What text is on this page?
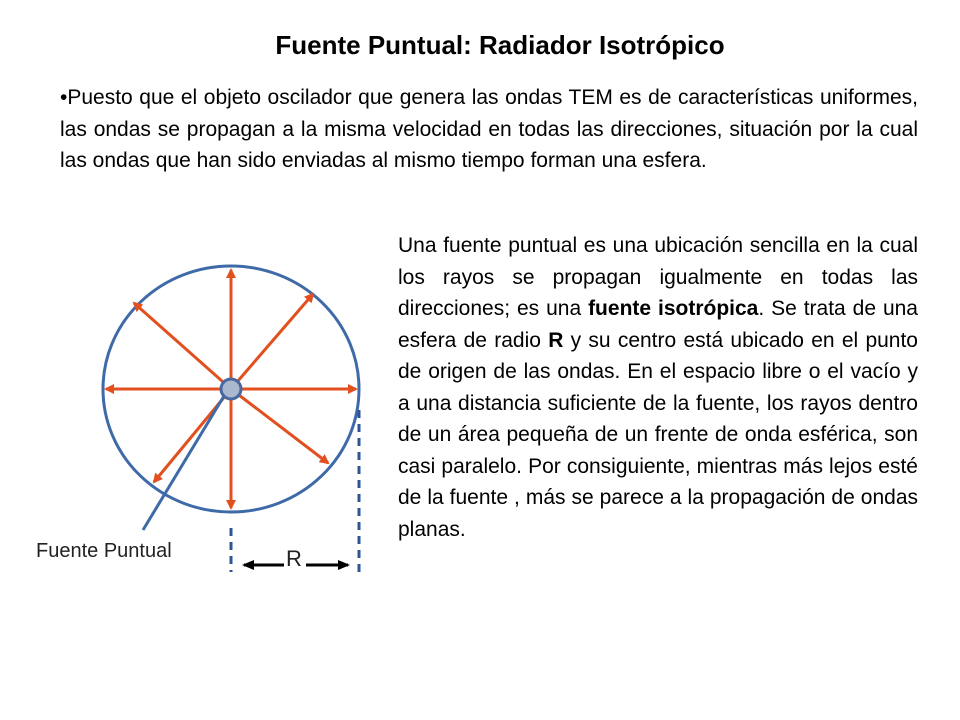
Fuente Puntual: Radiador Isotrópico
•Puesto que el objeto oscilador que genera las ondas TEM es de características uniformes, las ondas se propagan a la misma velocidad en todas las direcciones, situación por la cual las ondas que han sido enviadas al mismo tiempo forman una esfera.
Una fuente puntual es una ubicación sencilla en la cual los rayos se propagan igualmente en todas las direcciones; es una fuente isotrópica. Se trata de una esfera de radio R y su centro está ubicado en el punto de origen de las ondas. En el espacio libre o el vacío y a una distancia suficiente de la fuente, los rayos dentro de un área pequeña de un frente de onda esférica, son casi paralelo. Por consiguiente, mientras más lejos esté de la fuente , más se parece a la propagación de ondas planas.
Fuente Puntual	R
